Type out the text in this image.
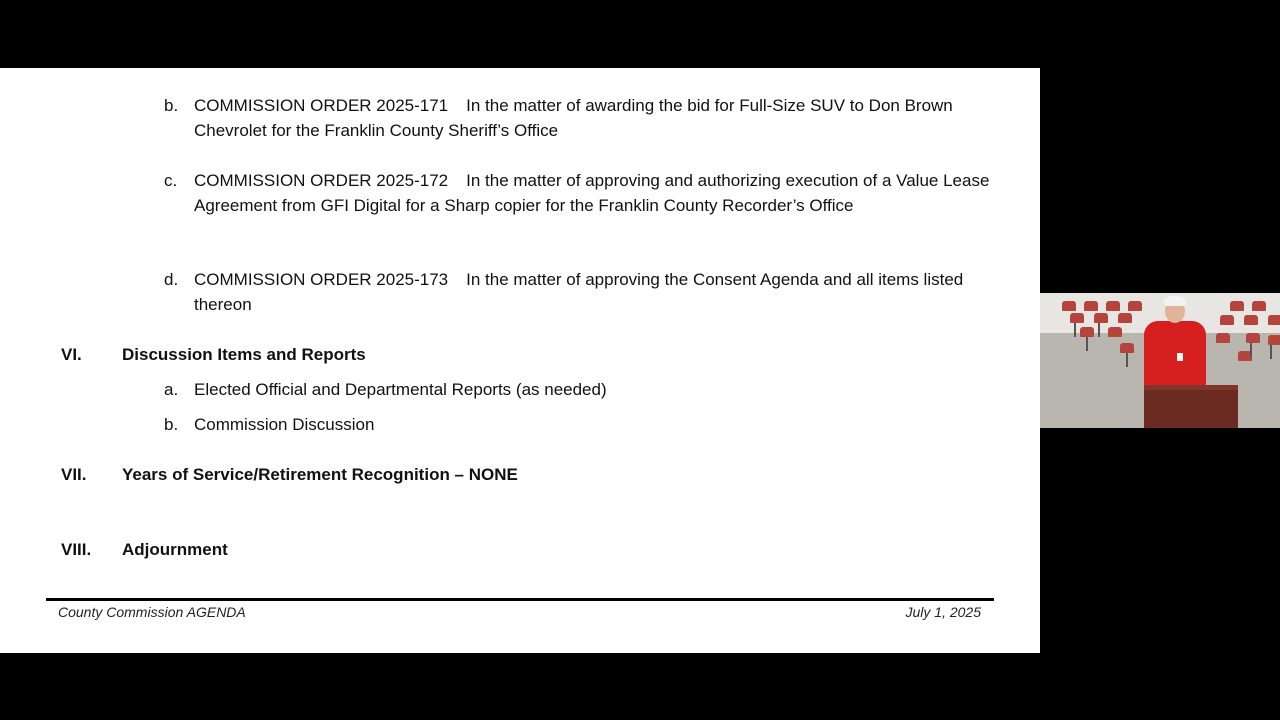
b. COMMISSION ORDER 2025-171 In the matter of awarding the bid for Full-Size SUV to Don Brown Chevrolet for the Franklin County Sheriff’s Office
c. COMMISSION ORDER 2025-172 In the matter of approving and authorizing execution of a Value Lease Agreement from GFI Digital for a Sharp copier for the Franklin County Recorder’s Office
d. COMMISSION ORDER 2025-173 In the matter of approving the Consent Agenda and all items listed thereon
VI. Discussion Items and Reports
a. Elected Official and Departmental Reports (as needed)
b. Commission Discussion
VII. Years of Service/Retirement Recognition – NONE
VIII. Adjournment
County Commission AGENDA	July 1, 2025
